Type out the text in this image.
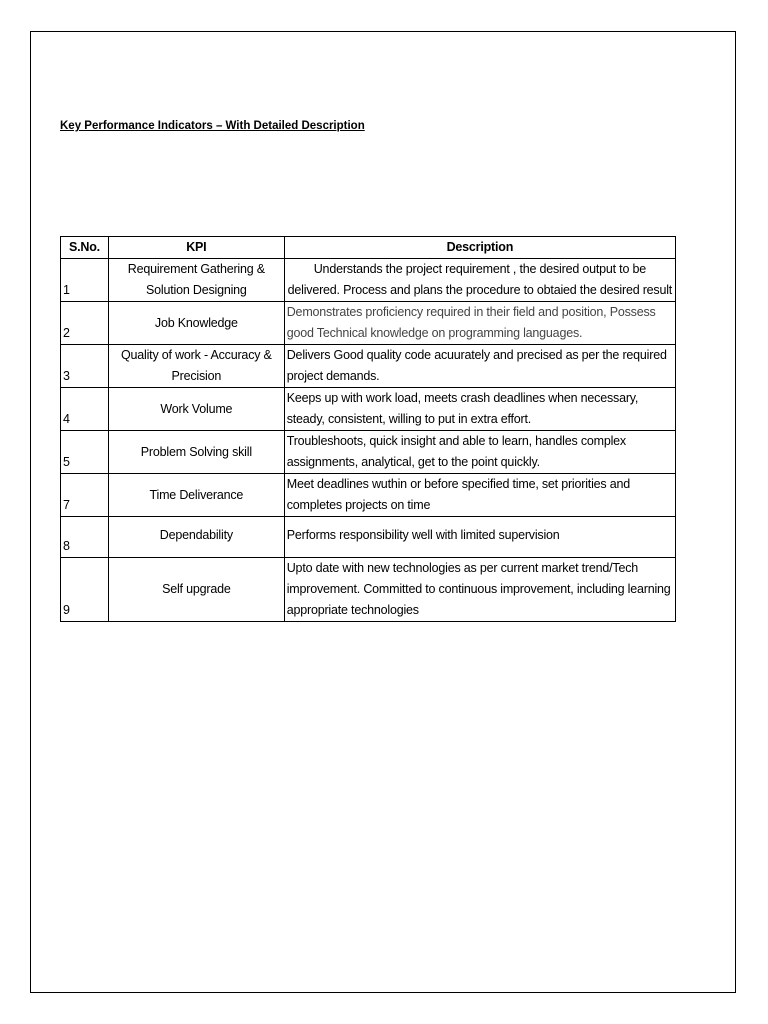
Key Performance Indicators – With Detailed Description
S.No.	KPI	Description
1	Requirement Gathering & Solution Designing	Understands the project requirement , the desired output to be delivered. Process and plans the procedure to obtaied the desired result
2	Job Knowledge	Demonstrates proficiency required in their field and position, Possess good Technical knowledge on programming languages.
3	Quality of work - Accuracy & Precision	Delivers Good quality code acuurately and precised as per the required project demands.
4	Work Volume	Keeps up with work load, meets crash deadlines when necessary, steady, consistent, willing to put in extra effort.
5	Problem Solving skill	Troubleshoots, quick insight and able to learn, handles complex assignments, analytical, get to the point quickly.
7	Time Deliverance	Meet deadlines wuthin or before specified time, set priorities and completes projects on time
8	Dependability	Performs responsibility well with limited supervision
9	Self upgrade	Upto date with new technologies as per current market trend/Tech improvement. Committed to continuous improvement, including learning appropriate technologies
